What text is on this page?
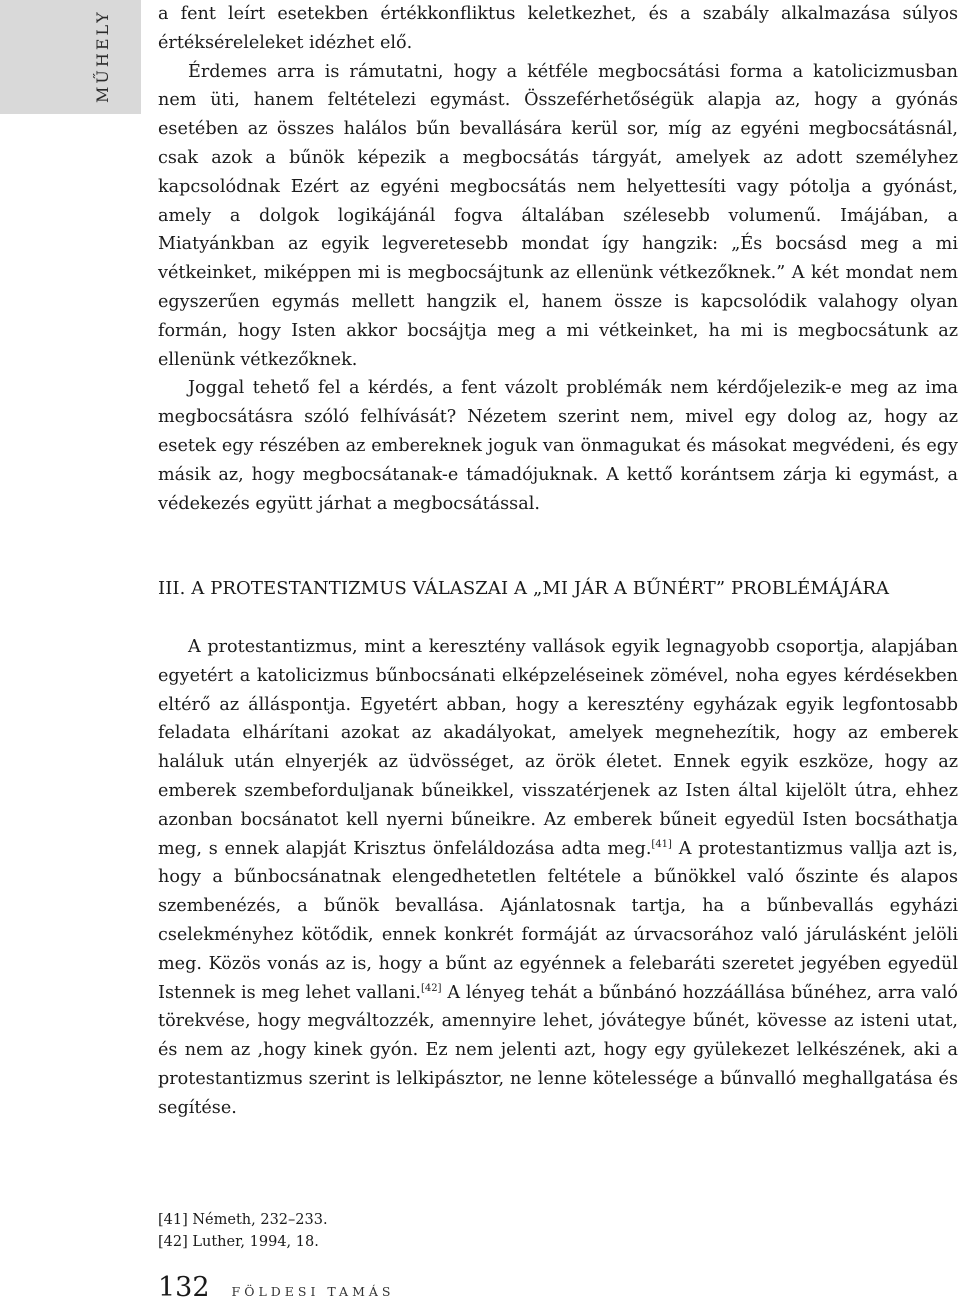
MŰHELY	a fent leírt esetekben értékkonfliktus keletkezhet, és a szabály alkalmazása súlyos értékséreleleket idézhet elő.

Érdemes arra is rámutatni, hogy a kétféle megbocsátási forma a katolicizmusban nem üti, hanem feltételezi egymást. Összeférhetőségük alapja az, hogy a gyónás esetében az összes halálos bűn bevallására kerül sor, míg az egyéni megbocsátásnál, csak azok a bűnök képezik a megbocsátás tárgyát, amelyek az adott személyhez kapcsolódnak Ezért az egyéni megbocsátás nem helyettesíti vagy pótolja a gyónást, amely a dolgok logikájánál fogva általában szélesebb volumenű. Imájában, a Miatyánkban az egyik legveretesebb mondat így hangzik: „És bocsásd meg a mi vétkeinket, miképpen mi is megbocsájtunk az ellenünk vétkezőknek.” A két mondat nem egyszerűen egymás mellett hangzik el, hanem össze is kapcsolódik valahogy olyan formán, hogy Isten akkor bocsájtja meg a mi vétkeinket, ha mi is megbocsátunk az ellenünk vétkezőknek.

Joggal tehető fel a kérdés, a fent vázolt problémák nem kérdőjelezik-e meg az ima megbocsátásra szóló felhívását? Nézetem szerint nem, mivel egy dolog az, hogy az esetek egy részében az embereknek joguk van önmagukat és másokat megvédeni, és egy másik az, hogy megbocsátanak-e támadójuknak. A kettő korántsem zárja ki egymást, a védekezés együtt járhat a megbocsátással.

III. A PROTESTANTIZMUS VÁLASZAI A „MI JÁR A BŰNÉRT” PROBLÉMÁJÁRA

A protestantizmus, mint a keresztény vallások egyik legnagyobb csoportja, alapjában egyetért a katolicizmus bűnbocsánati elképzeléseinek zömével, noha egyes kérdésekben eltérő az álláspontja. Egyetért abban, hogy a keresztény egyházak egyik legfontosabb feladata elhárítani azokat az akadályokat, amelyek megnehezítik, hogy az emberek haláluk után elnyerjék az üdvösséget, az örök életet. Ennek egyik eszköze, hogy az emberek szembeforduljanak bűneikkel, visszatérjenek az Isten által kijelölt útra, ehhez azonban bocsánatot kell nyerni bűneikre. Az emberek bűneit egyedül Isten bocsáthatja meg, s ennek alapját Krisztus önfeláldozása adta meg.[41] A protestantizmus vallja azt is, hogy a bűnbocsánatnak elengedhetetlen feltétele a bűnökkel való őszinte és alapos szembenézés, a bűnök bevallása. Ajánlatosnak tartja, ha a bűnbevallás egyházi cselekményhez kötődik, ennek konkrét formáját az úrvacsorához való járulásként jelöli meg. Közös vonás az is, hogy a bűnt az egyénnek a felebaráti szeretet jegyében egyedül Istennek is meg lehet vallani.[42] A lényeg tehát a bűnbánó hozzáállása bűnéhez, arra való törekvése, hogy megváltozzék, amennyire lehet, jóvátegye bűnét, kövesse az isteni utat, és nem az ,hogy kinek gyón. Ez nem jelenti azt, hogy egy gyülekezet lelkészének, aki a protestantizmus szerint is lelkipásztor, ne lenne kötelessége a bűnvalló meghallgatása és segítése.

[41] Németh, 232–233.
[42] Luther, 1994, 18.
132 FÖLDESI TAMÁS
